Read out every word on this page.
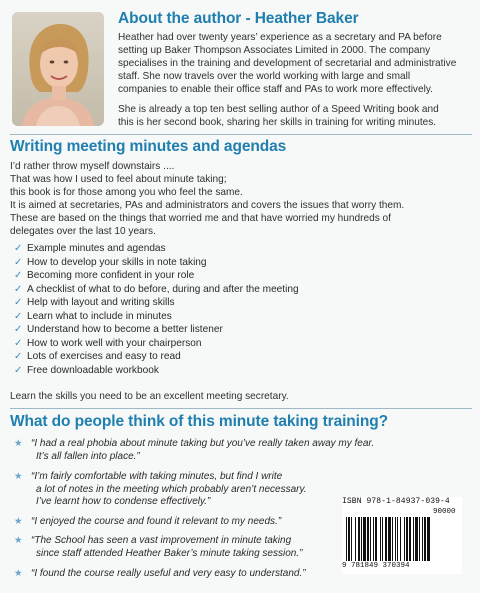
About the author - Heather Baker
Heather had over twenty years’ experience as a secretary and PA before
setting up Baker Thompson Associates Limited in 2000. The company
specialises in the training and development of secretarial and administrative
staff. She now travels over the world working with large and small
companies to enable their office staff and PAs to work more effectively.
She is already a top ten best selling author of a Speed Writing book and
this is her second book, sharing her skills in training for writing minutes.
Writing meeting minutes and agendas
I’d rather throw myself downstairs ....
That was how I used to feel about minute taking;
this book is for those among you who feel the same.
It is aimed at secretaries, PAs and administrators and covers the issues that worry them.
These are based on the things that worried me and that have worried my hundreds of
delegates over the last 10 years.
✓ Example minutes and agendas
✓ How to develop your skills in note taking
✓ Becoming more confident in your role
✓ A checklist of what to do before, during and after the meeting
✓ Help with layout and writing skills
✓ Learn what to include in minutes
✓ Understand how to become a better listener
✓ How to work well with your chairperson
✓ Lots of exercises and easy to read
✓ Free downloadable workbook
Learn the skills you need to be an excellent meeting secretary.
What do people think of this minute taking training?
★ “I had a real phobia about minute taking but you’ve really taken away my fear.
It’s all fallen into place.”
★ “I’m fairly comfortable with taking minutes, but find I write
a lot of notes in the meeting which probably aren’t necessary.
I’ve learnt how to condense effectively.”
★ “I enjoyed the course and found it relevant to my needs.”
★ “The School has seen a vast improvement in minute taking
since staff attended Heather Baker’s minute taking session.”
★ “I found the course really useful and very easy to understand.”
ISBN 978-1-84937-039-4
90000
9 781849 370394
